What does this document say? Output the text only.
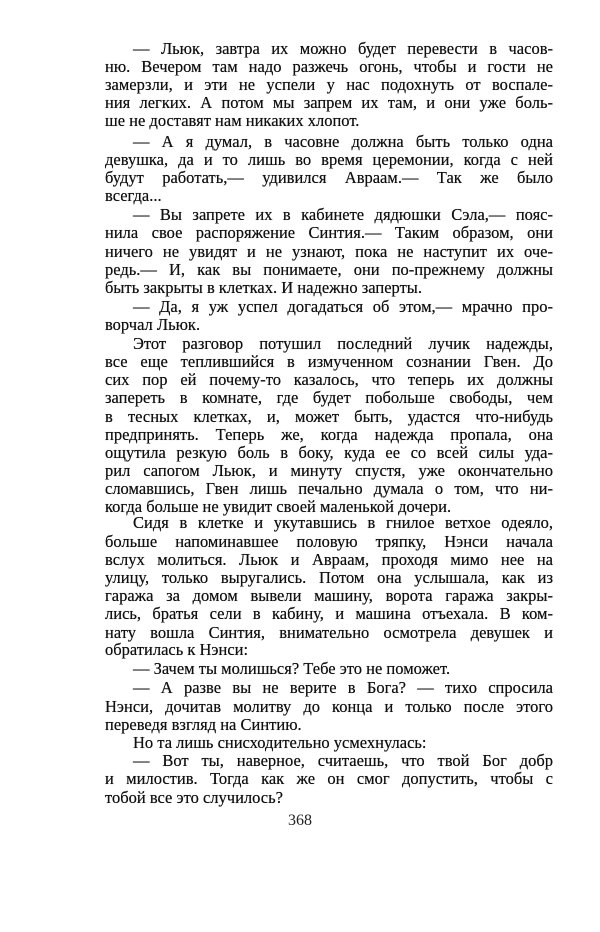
— Льюк, завтра их можно будет перевести в часов-
ню. Вечером там надо разжечь огонь, чтобы и гости не
замерзли, и эти не успели у нас подохнуть от воспале-
ния легких. А потом мы запрем их там, и они уже боль-
ше не доставят нам никаких хлопот.
— А я думал, в часовне должна быть только одна
девушка, да и то лишь во время церемонии, когда с ней
будут работать,— удивился Авраам.— Так же было
всегда...
— Вы запрете их в кабинете дядюшки Сэла,— пояс-
нила свое распоряжение Синтия.— Таким образом, они
ничего не увидят и не узнают, пока не наступит их оче-
редь.— И, как вы понимаете, они по-прежнему должны
быть закрыты в клетках. И надежно заперты.
— Да, я уж успел догадаться об этом,— мрачно про-
ворчал Льюк.
Этот разговор потушил последний лучик надежды,
все еще теплившийся в измученном сознании Гвен. До
сих пор ей почему-то казалось, что теперь их должны
запереть в комнате, где будет побольше свободы, чем
в тесных клетках, и, может быть, удастся что-нибудь
предпринять. Теперь же, когда надежда пропала, она
ощутила резкую боль в боку, куда ее со всей силы уда-
рил сапогом Льюк, и минуту спустя, уже окончательно
сломавшись, Гвен лишь печально думала о том, что ни-
когда больше не увидит своей маленькой дочери.
Сидя в клетке и укутавшись в гнилое ветхое одеяло,
больше напоминавшее половую тряпку, Нэнси начала
вслух молиться. Льюк и Авраам, проходя мимо нее на
улицу, только выругались. Потом она услышала, как из
гаража за домом вывели машину, ворота гаража закры-
лись, братья сели в кабину, и машина отъехала. В ком-
нату вошла Синтия, внимательно осмотрела девушек и
обратилась к Нэнси:
— Зачем ты молишься? Тебе это не поможет.
— А разве вы не верите в Бога? — тихо спросила
Нэнси, дочитав молитву до конца и только после этого
переведя взгляд на Синтию.
Но та лишь снисходительно усмехнулась:
— Вот ты, наверное, считаешь, что твой Бог добр
и милостив. Тогда как же он смог допустить, чтобы с
тобой все это случилось?
368
